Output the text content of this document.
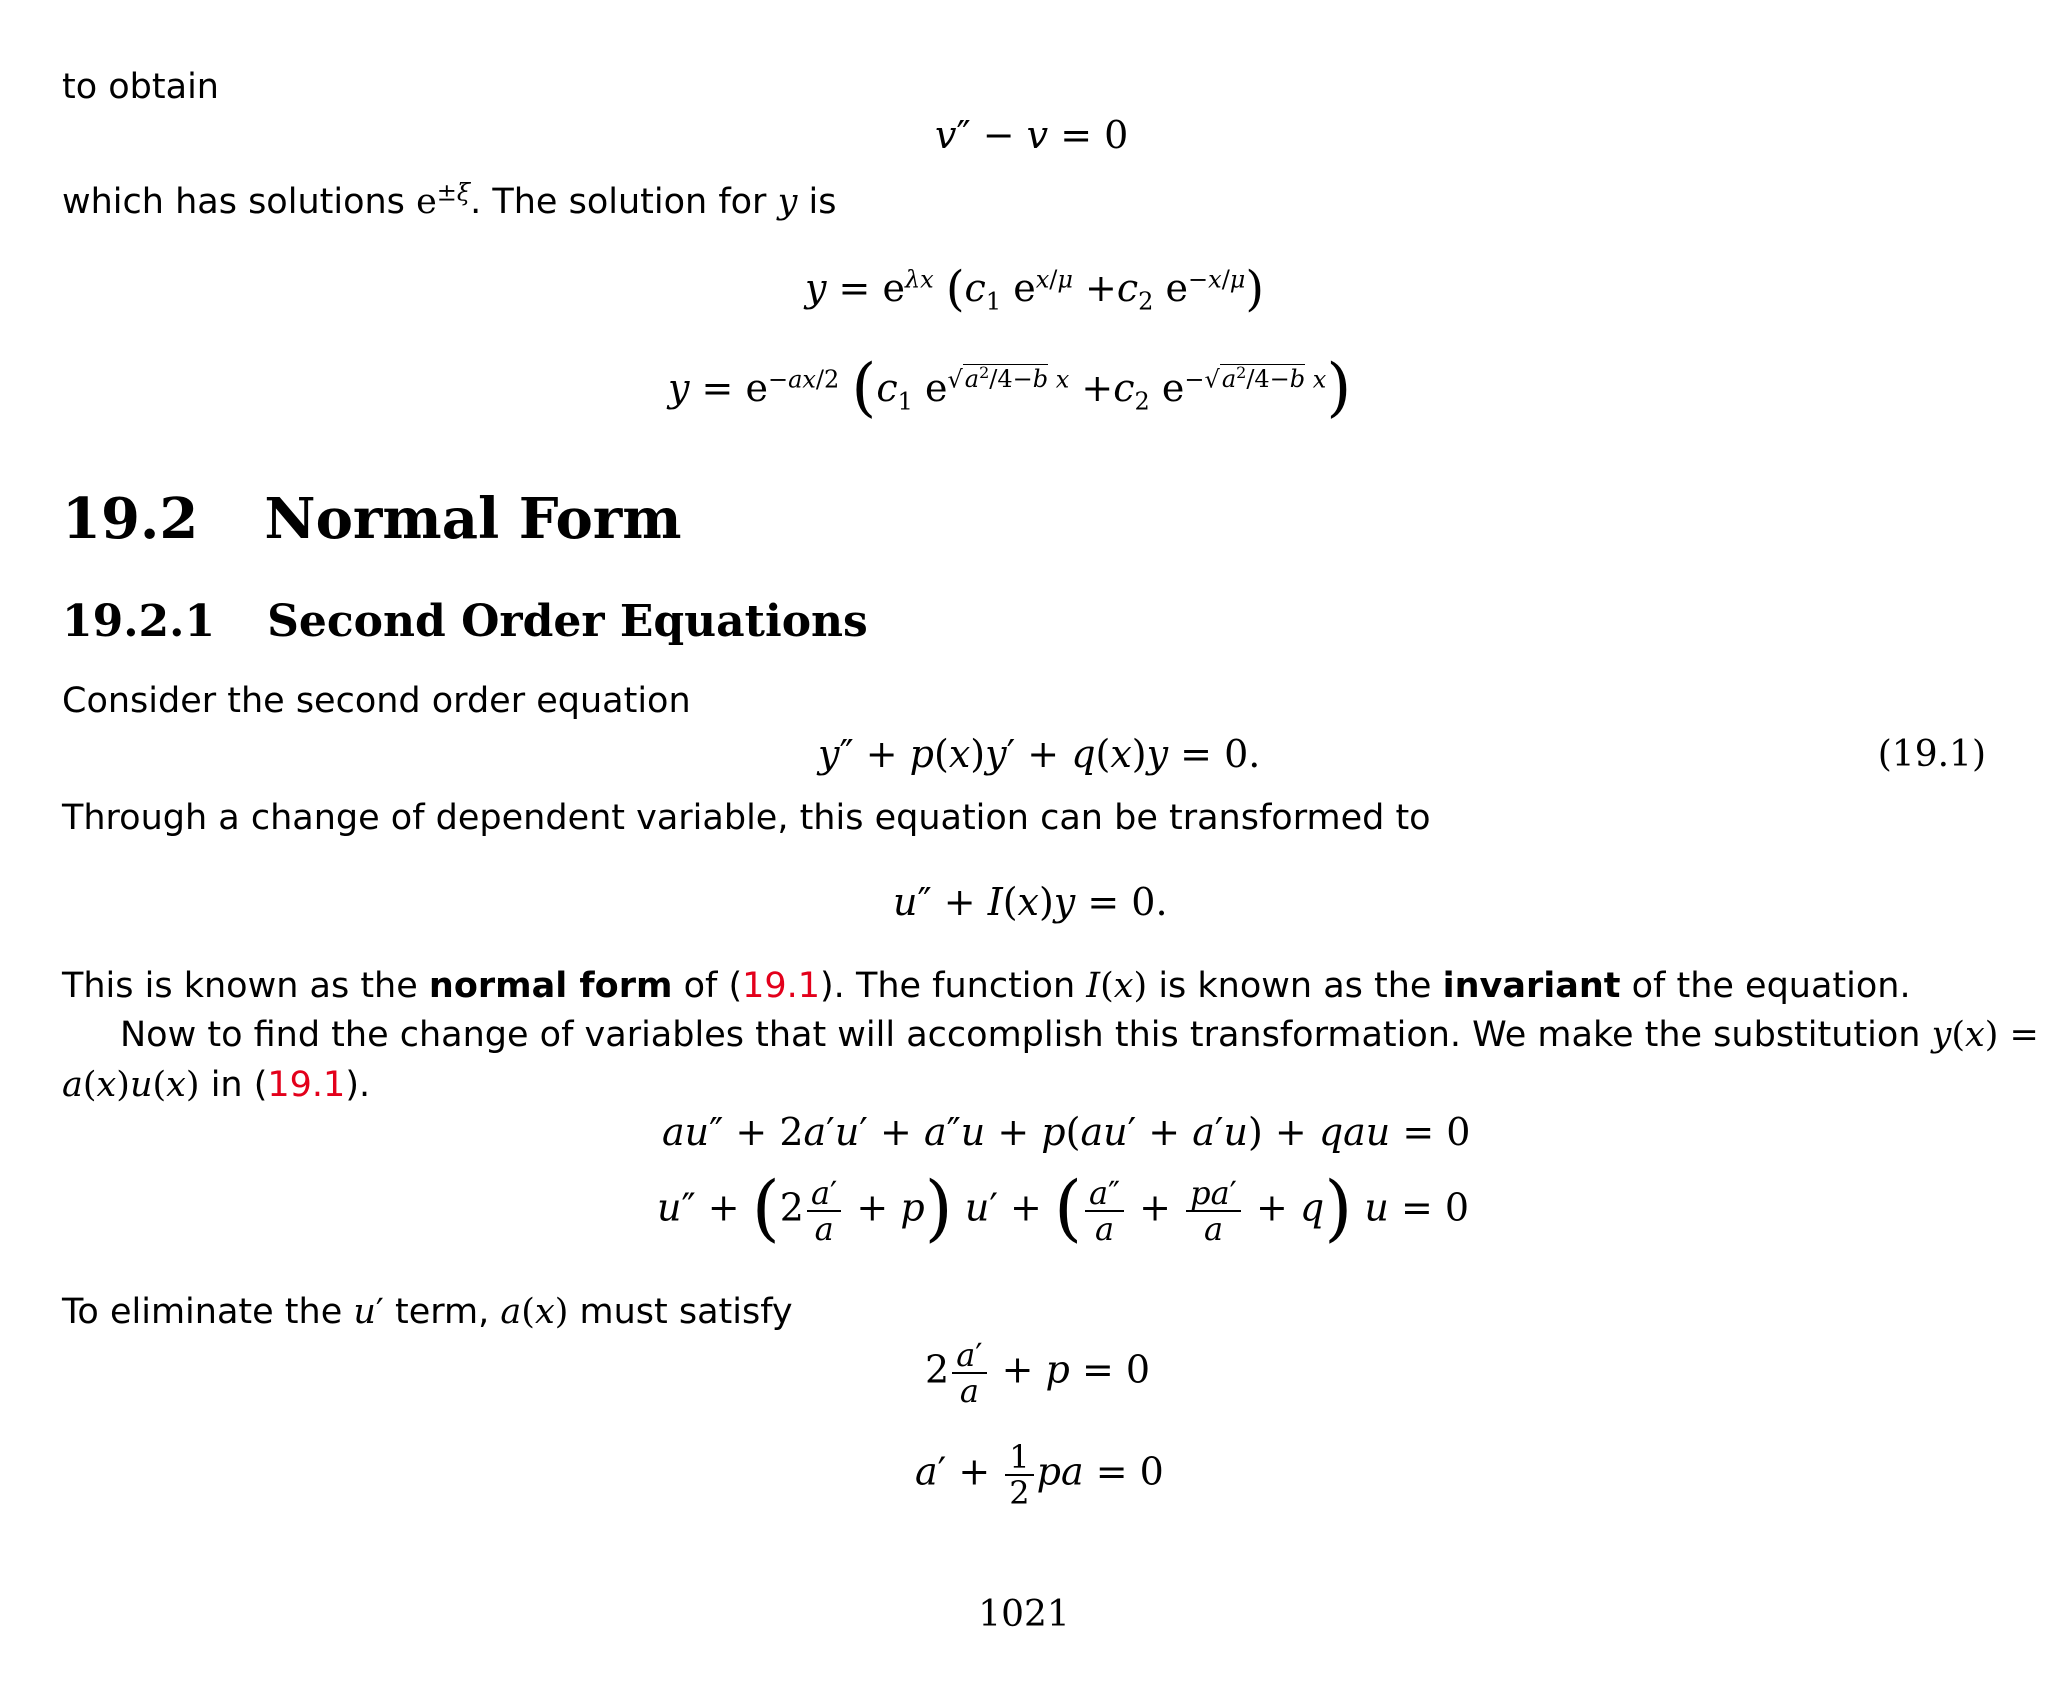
to obtain
v″ − v = 0
which has solutions $e^{\pm\xi}$. The solution for y is
$y = e^{\lambda x}$ ($c_1$ $e^{x/\mu} +c_2$ $e^{-x/\mu}$)
$y = e^{-ax/2}$ ($c_1$ $e^{√a^2/4-b x} +c_2$ $e^{-√a^2/4-b x}$)
19.2 Normal Form
19.2.1 Second Order Equations
Consider the second order equation
y″ + p(x)y′ + q(x)y = 0.	(19.1)
Through a change of dependent variable, this equation can be transformed to
u″ + I(x)y = 0.
This is known as the normal form of (19.1). The function I(x) is known as the invariant of the equation.
Now to find the change of variables that will accomplish this transformation. We make the substitution y(x) =
a(x)u(x) in (19.1).
au″ + 2a′u′ + a″u + p(au′ + a′u) + qau = 0
$u'' + (2 \frac{a'}{a} + p)$ u′ + ( $\frac{a''}{a} + \frac{pa'}{a} + q$) u = 0
To eliminate the u′ term, a(x) must satisfy
$2 \frac{a'}{a} + p = 0$
$a' + \frac{1}{2}$ pa = 0
1021
